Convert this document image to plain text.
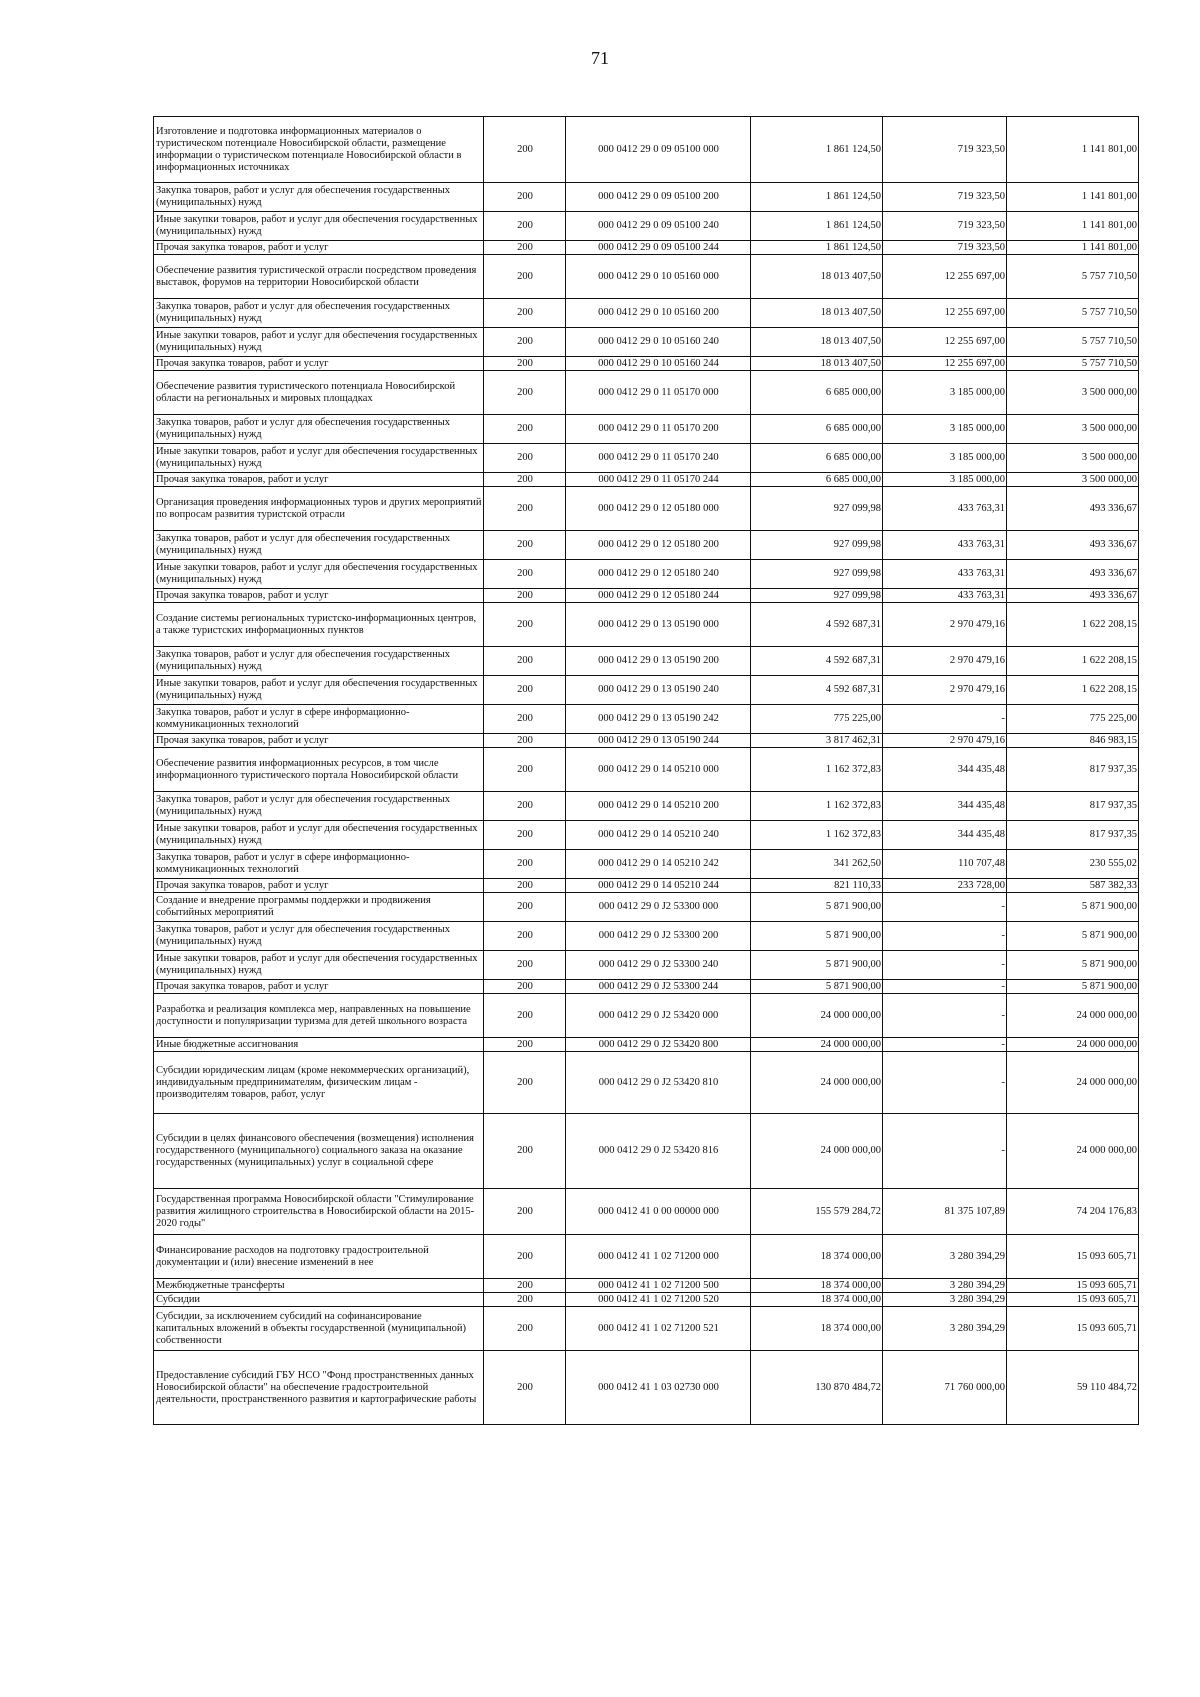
71
Изготовление и подготовка информационных материалов о туристическом потенциале Новосибирской области, размещение информации о туристическом потенциале Новосибирской области в информационных источниках	200	000 0412 29 0 09 05100 000	1 861 124,50	719 323,50	1 141 801,00
Закупка товаров, работ и услуг для обеспечения государственных (муниципальных) нужд	200	000 0412 29 0 09 05100 200	1 861 124,50	719 323,50	1 141 801,00
Иные закупки товаров, работ и услуг для обеспечения государственных (муниципальных) нужд	200	000 0412 29 0 09 05100 240	1 861 124,50	719 323,50	1 141 801,00
Прочая закупка товаров, работ и услуг	200	000 0412 29 0 09 05100 244	1 861 124,50	719 323,50	1 141 801,00
Обеспечение развития туристической отрасли посредством проведения выставок, форумов на территории Новосибирской области	200	000 0412 29 0 10 05160 000	18 013 407,50	12 255 697,00	5 757 710,50
Закупка товаров, работ и услуг для обеспечения государственных (муниципальных) нужд	200	000 0412 29 0 10 05160 200	18 013 407,50	12 255 697,00	5 757 710,50
Иные закупки товаров, работ и услуг для обеспечения государственных (муниципальных) нужд	200	000 0412 29 0 10 05160 240	18 013 407,50	12 255 697,00	5 757 710,50
Прочая закупка товаров, работ и услуг	200	000 0412 29 0 10 05160 244	18 013 407,50	12 255 697,00	5 757 710,50
Обеспечение развития туристического потенциала Новосибирской области на региональных и мировых площадках	200	000 0412 29 0 11 05170 000	6 685 000,00	3 185 000,00	3 500 000,00
Закупка товаров, работ и услуг для обеспечения государственных (муниципальных) нужд	200	000 0412 29 0 11 05170 200	6 685 000,00	3 185 000,00	3 500 000,00
Иные закупки товаров, работ и услуг для обеспечения государственных (муниципальных) нужд	200	000 0412 29 0 11 05170 240	6 685 000,00	3 185 000,00	3 500 000,00
Прочая закупка товаров, работ и услуг	200	000 0412 29 0 11 05170 244	6 685 000,00	3 185 000,00	3 500 000,00
Организация проведения информационных туров и других мероприятий по вопросам развития туристской отрасли	200	000 0412 29 0 12 05180 000	927 099,98	433 763,31	493 336,67
Закупка товаров, работ и услуг для обеспечения государственных (муниципальных) нужд	200	000 0412 29 0 12 05180 200	927 099,98	433 763,31	493 336,67
Иные закупки товаров, работ и услуг для обеспечения государственных (муниципальных) нужд	200	000 0412 29 0 12 05180 240	927 099,98	433 763,31	493 336,67
Прочая закупка товаров, работ и услуг	200	000 0412 29 0 12 05180 244	927 099,98	433 763,31	493 336,67
Создание системы региональных туристско-информационных центров, а также туристских информационных пунктов	200	000 0412 29 0 13 05190 000	4 592 687,31	2 970 479,16	1 622 208,15
Закупка товаров, работ и услуг для обеспечения государственных (муниципальных) нужд	200	000 0412 29 0 13 05190 200	4 592 687,31	2 970 479,16	1 622 208,15
Иные закупки товаров, работ и услуг для обеспечения государственных (муниципальных) нужд	200	000 0412 29 0 13 05190 240	4 592 687,31	2 970 479,16	1 622 208,15
Закупка товаров, работ и услуг в сфере информационно-коммуникационных технологий	200	000 0412 29 0 13 05190 242	775 225,00	-	775 225,00
Прочая закупка товаров, работ и услуг	200	000 0412 29 0 13 05190 244	3 817 462,31	2 970 479,16	846 983,15
Обеспечение развития информационных ресурсов, в том числе информационного туристического портала Новосибирской области	200	000 0412 29 0 14 05210 000	1 162 372,83	344 435,48	817 937,35
Закупка товаров, работ и услуг для обеспечения государственных (муниципальных) нужд	200	000 0412 29 0 14 05210 200	1 162 372,83	344 435,48	817 937,35
Иные закупки товаров, работ и услуг для обеспечения государственных (муниципальных) нужд	200	000 0412 29 0 14 05210 240	1 162 372,83	344 435,48	817 937,35
Закупка товаров, работ и услуг в сфере информационно-коммуникационных технологий	200	000 0412 29 0 14 05210 242	341 262,50	110 707,48	230 555,02
Прочая закупка товаров, работ и услуг	200	000 0412 29 0 14 05210 244	821 110,33	233 728,00	587 382,33
Создание и внедрение программы поддержки и продвижения событийных мероприятий	200	000 0412 29 0 J2 53300 000	5 871 900,00	-	5 871 900,00
Закупка товаров, работ и услуг для обеспечения государственных (муниципальных) нужд	200	000 0412 29 0 J2 53300 200	5 871 900,00	-	5 871 900,00
Иные закупки товаров, работ и услуг для обеспечения государственных (муниципальных) нужд	200	000 0412 29 0 J2 53300 240	5 871 900,00	-	5 871 900,00
Прочая закупка товаров, работ и услуг	200	000 0412 29 0 J2 53300 244	5 871 900,00	-	5 871 900,00
Разработка и реализация комплекса мер, направленных на повышение доступности и популяризации туризма для детей школьного возраста	200	000 0412 29 0 J2 53420 000	24 000 000,00	-	24 000 000,00
Иные бюджетные ассигнования	200	000 0412 29 0 J2 53420 800	24 000 000,00	-	24 000 000,00
Субсидии юридическим лицам (кроме некоммерческих организаций), индивидуальным предпринимателям, физическим лицам - производителям товаров, работ, услуг	200	000 0412 29 0 J2 53420 810	24 000 000,00	-	24 000 000,00
Субсидии в целях финансового обеспечения (возмещения) исполнения государственного (муниципального) социального заказа на оказание государственных (муниципальных) услуг в социальной сфере	200	000 0412 29 0 J2 53420 816	24 000 000,00	-	24 000 000,00
Государственная программа Новосибирской области "Стимулирование развития жилищного строительства в Новосибирской области на 2015-2020 годы"	200	000 0412 41 0 00 00000 000	155 579 284,72	81 375 107,89	74 204 176,83
Финансирование расходов на подготовку градостроительной документации и (или) внесение изменений в нее	200	000 0412 41 1 02 71200 000	18 374 000,00	3 280 394,29	15 093 605,71
Межбюджетные трансферты	200	000 0412 41 1 02 71200 500	18 374 000,00	3 280 394,29	15 093 605,71
Субсидии	200	000 0412 41 1 02 71200 520	18 374 000,00	3 280 394,29	15 093 605,71
Субсидии, за исключением субсидий на софинансирование капитальных вложений в объекты государственной (муниципальной) собственности	200	000 0412 41 1 02 71200 521	18 374 000,00	3 280 394,29	15 093 605,71
Предоставление субсидий ГБУ НСО "Фонд пространственных данных Новосибирской области" на обеспечение градостроительной деятельности, пространственного развития и картографические работы	200	000 0412 41 1 03 02730 000	130 870 484,72	71 760 000,00	59 110 484,72
